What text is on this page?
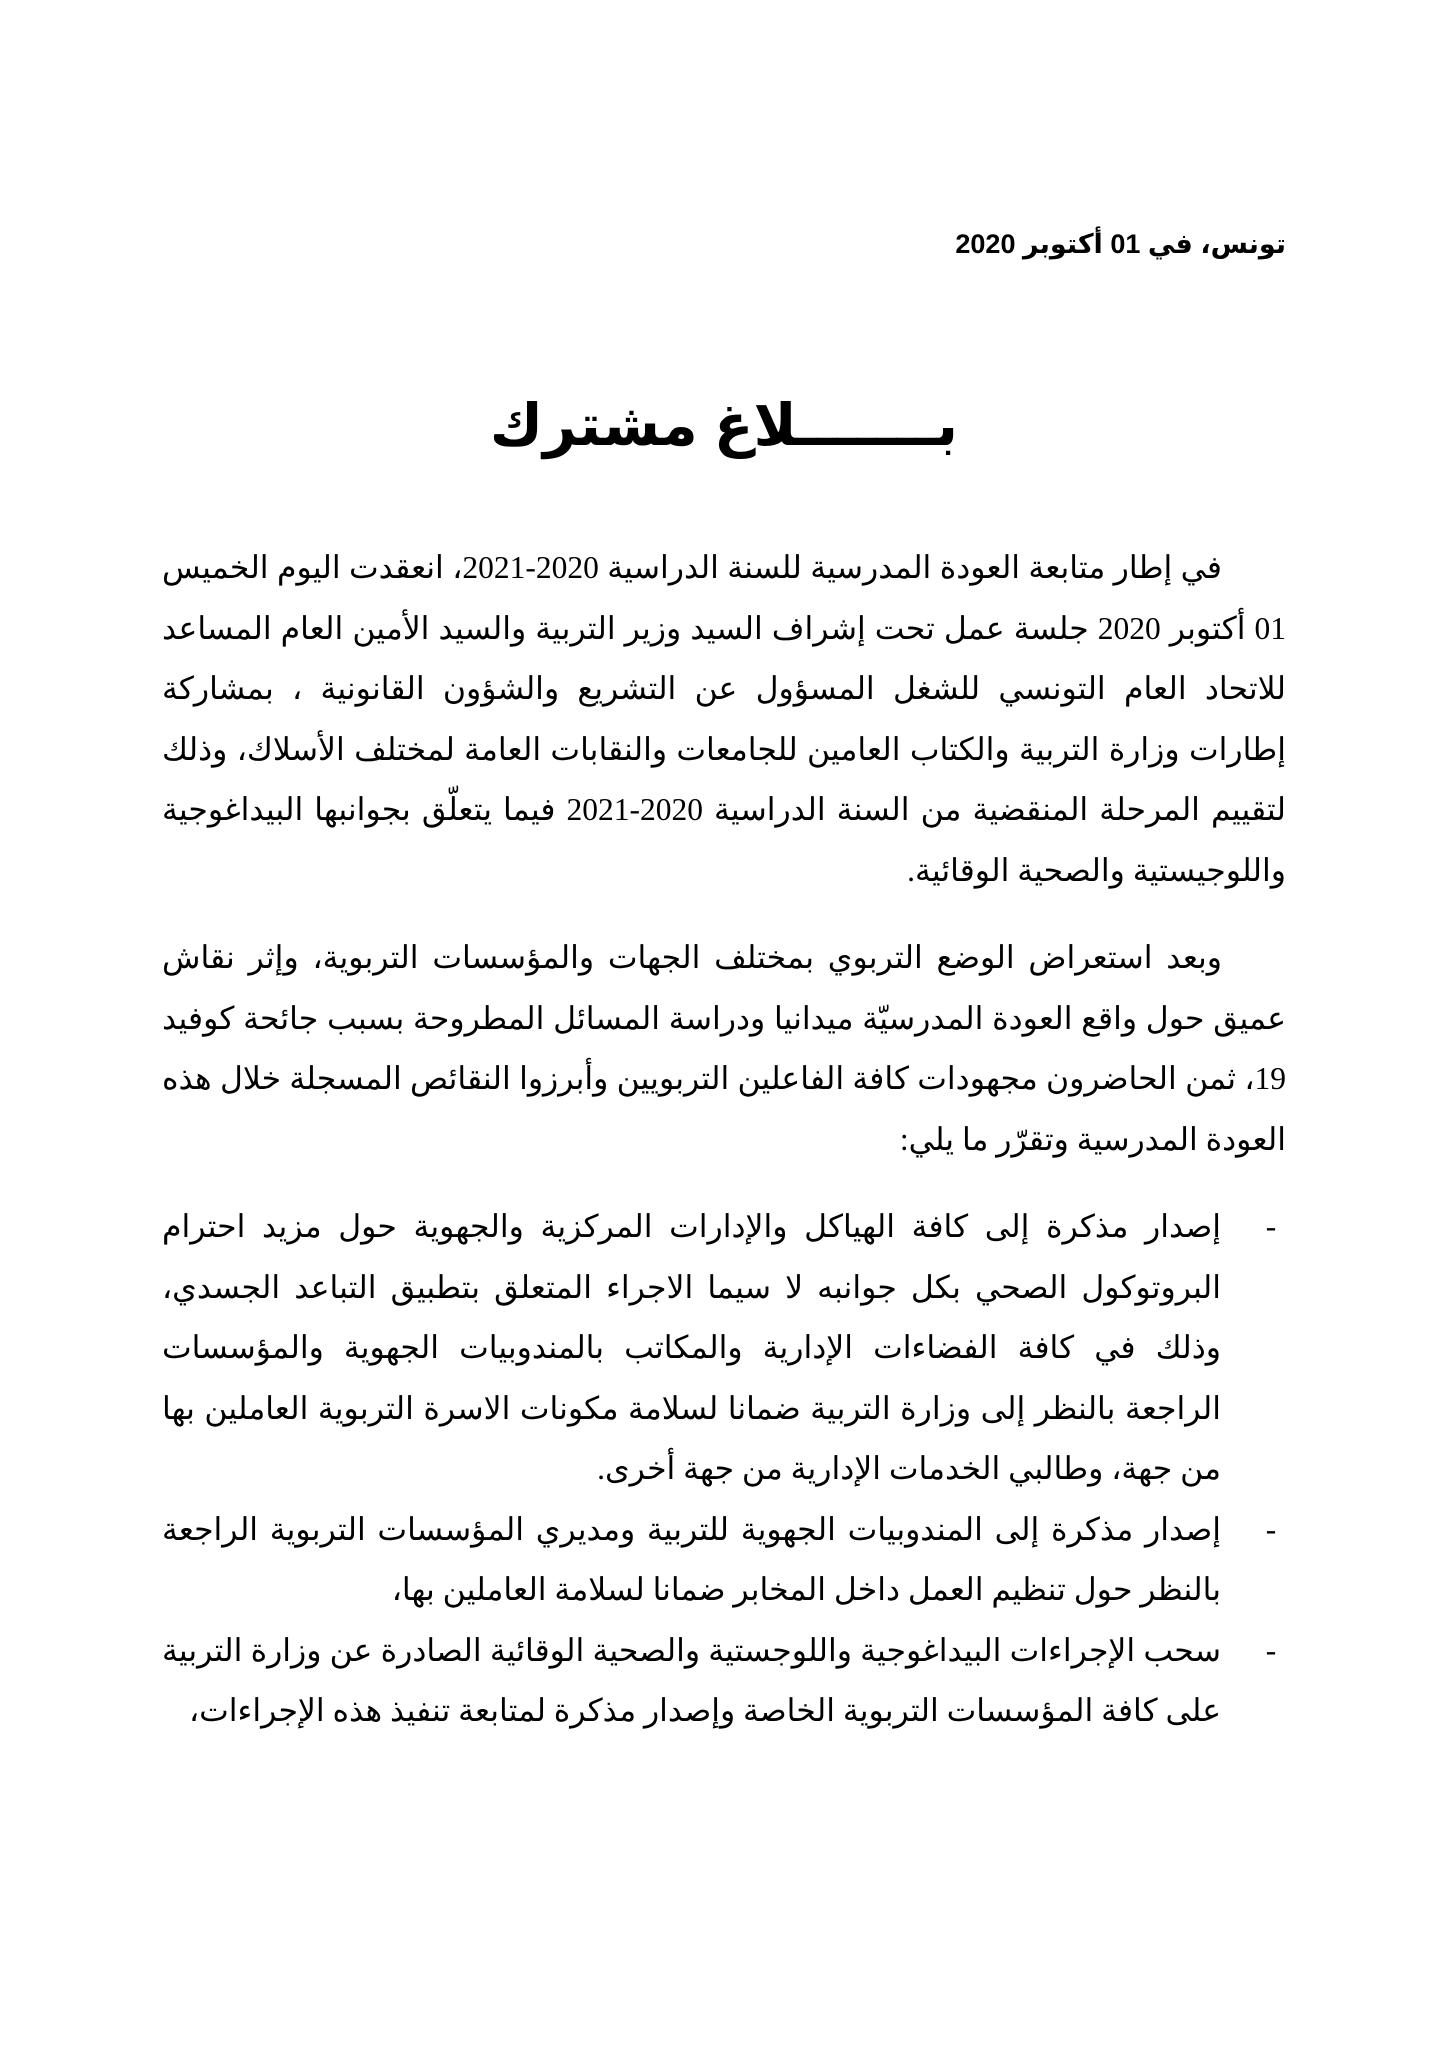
تونس، في 01 أكتوبر 2020
بـــــــلاغ مشترك

في إطار متابعة العودة المدرسية للسنة الدراسية 2020-2021، انعقدت اليوم الخميس 01 أكتوبر 2020 جلسة عمل تحت إشراف السيد وزير التربية والسيد الأمين العام المساعد للاتحاد العام التونسي للشغل المسؤول عن التشريع والشؤون القانونية ، بمشاركة إطارات وزارة التربية والكتاب العامين للجامعات والنقابات العامة لمختلف الأسلاك، وذلك لتقييم المرحلة المنقضية من السنة الدراسية 2020-2021 فيما يتعلّق بجوانبها البيداغوجية واللوجيستية والصحية الوقائية.

وبعد استعراض الوضع التربوي بمختلف الجهات والمؤسسات التربوية، وإثر نقاش عميق حول واقع العودة المدرسيّة ميدانيا ودراسة المسائل المطروحة بسبب جائحة كوفيد 19، ثمن الحاضرون مجهودات كافة الفاعلين التربويين وأبرزوا النقائص المسجلة خلال هذه العودة المدرسية وتقرّر ما يلي:

-
إصدار مذكرة إلى كافة الهياكل والإدارات المركزية والجهوية حول مزيد احترام البروتوكول الصحي بكل جوانبه لا سيما الاجراء المتعلق بتطبيق التباعد الجسدي، وذلك في كافة الفضاءات الإدارية والمكاتب بالمندوبيات الجهوية والمؤسسات الراجعة بالنظر إلى وزارة التربية ضمانا لسلامة مكونات الاسرة التربوية العاملين بها من جهة، وطالبي الخدمات الإدارية من جهة أخرى.
-
إصدار مذكرة إلى المندوبيات الجهوية للتربية ومديري المؤسسات التربوية الراجعة بالنظر حول تنظيم العمل داخل المخابر ضمانا لسلامة العاملين بها،
-
سحب الإجراءات البيداغوجية واللوجستية والصحية الوقائية الصادرة عن وزارة التربية على كافة المؤسسات التربوية الخاصة وإصدار مذكرة لمتابعة تنفيذ هذه الإجراءات،
